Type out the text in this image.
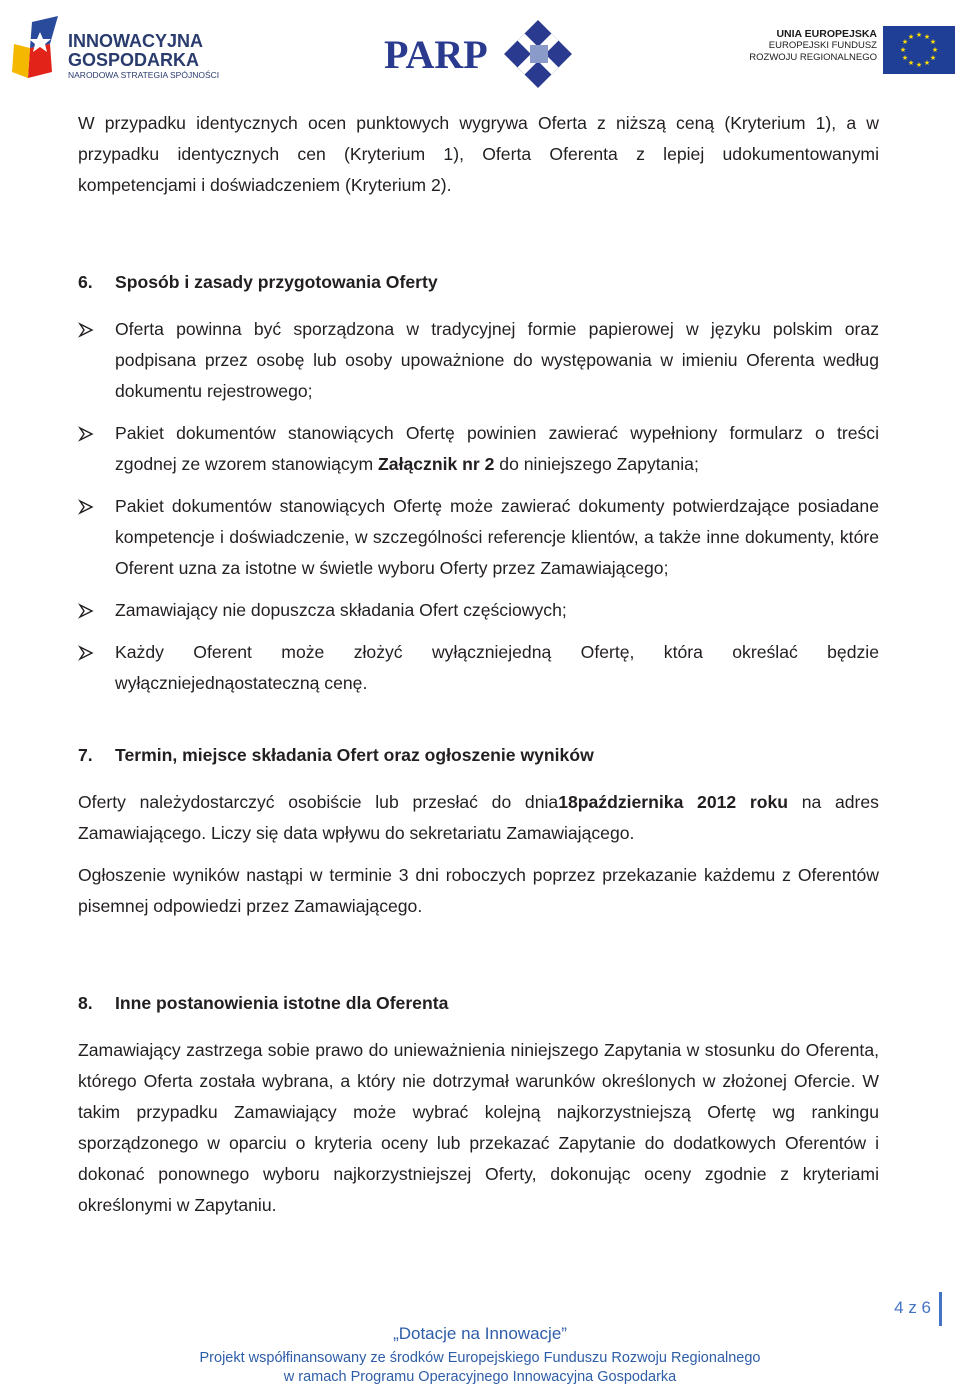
INNOWACYJNA
GOSPODARKA
NARODOWA STRATEGIA SPÓJNOŚCI	PARP	UNIA EUROPEJSKA
EUROPEJSKI FUNDUSZ
ROZWOJU REGIONALNEGO
★ ★
★
★
★
★
★
★
★
★
★
★

W przypadku identycznych ocen punktowych wygrywa Oferta z niższą ceną (Kryterium 1), a w przypadku identycznych cen (Kryterium 1), Oferta Oferenta z lepiej udokumentowanymi kompetencjami i doświadczeniem (Kryterium 2).

6.	Sposób i zasady przygotowania Oferty
Oferta powinna być sporządzona w tradycyjnej formie papierowej w języku polskim oraz podpisana przez osobę lub osoby upoważnione do występowania w imieniu Oferenta według dokumentu rejestrowego;
Pakiet dokumentów stanowiących Ofertę powinien zawierać wypełniony formularz o treści zgodnej ze wzorem stanowiącym Załącznik nr 2 do niniejszego Zapytania;
Pakiet dokumentów stanowiących Ofertę może zawierać dokumenty potwierdzające posiadane kompetencje i doświadczenie, w szczególności referencje klientów, a także inne dokumenty, które Oferent uzna za istotne w świetle wyboru Oferty przez Zamawiającego;
Zamawiający nie dopuszcza składania Ofert częściowych;
Każdy Oferent może złożyć wyłączniejedną Ofertę, która określać będzie wyłączniejednąostateczną cenę.
7.	Termin, miejsce składania Ofert oraz ogłoszenie wyników

Oferty należydostarczyć osobiście lub przesłać do dnia18października 2012 roku na adres Zamawiającego. Liczy się data wpływu do sekretariatu Zamawiającego.

Ogłoszenie wyników nastąpi w terminie 3 dni roboczych poprzez przekazanie każdemu z Oferentów pisemnej odpowiedzi przez Zamawiającego.

8.	Inne postanowienia istotne dla Oferenta

Zamawiający zastrzega sobie prawo do unieważnienia niniejszego Zapytania w stosunku do Oferenta, którego Oferta została wybrana, a który nie dotrzymał warunków określonych w złożonej Ofercie. W takim przypadku Zamawiający może wybrać kolejną najkorzystniejszą Ofertę wg rankingu sporządzonego w oparciu o kryteria oceny lub przekazać Zapytanie do dodatkowych Oferentów i dokonać ponownego wyboru najkorzystniejszej Oferty, dokonując oceny zgodnie z kryteriami określonymi w Zapytaniu.

4 z 6
„Dotacje na Innowacje”
Projekt współfinansowany ze środków Europejskiego Funduszu Rozwoju Regionalnego
w ramach Programu Operacyjnego Innowacyjna Gospodarka
